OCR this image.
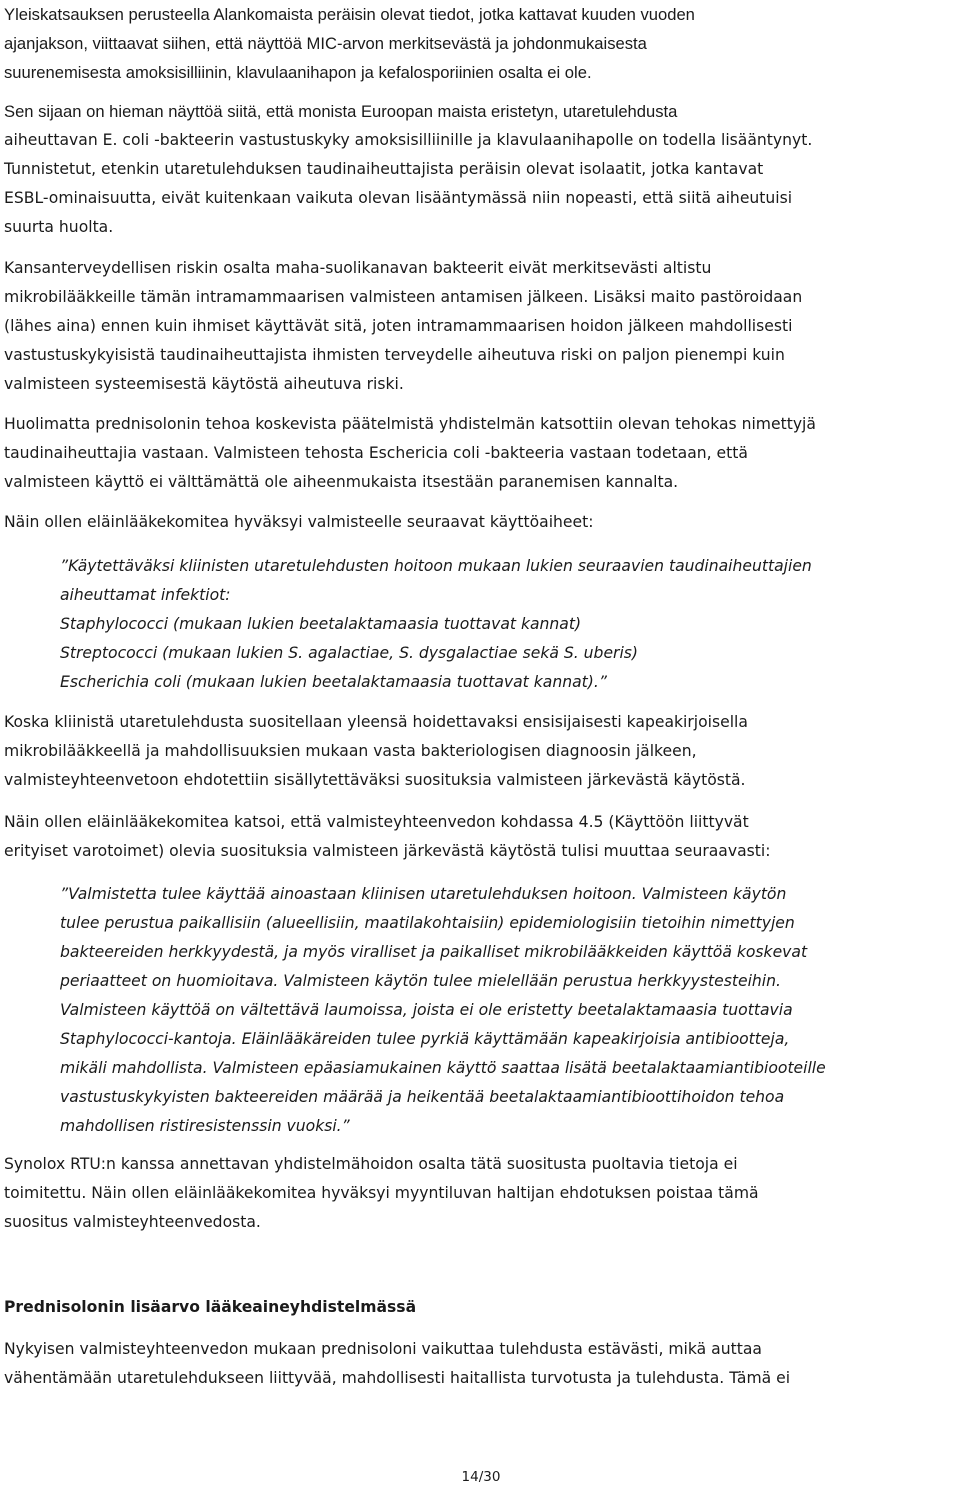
Yleiskatsauksen perusteella Alankomaista peräisin olevat tiedot, jotka kattavat kuuden vuoden
ajanjakson, viittaavat siihen, että näyttöä MIC-arvon merkitsevästä ja johdonmukaisesta
suurenemisesta amoksisilliinin, klavulaanihapon ja kefalosporiinien osalta ei ole.
Sen sijaan on hieman näyttöä siitä, että monista Euroopan maista eristetyn, utaretulehdusta
aiheuttavan E. coli -bakteerin vastustuskyky amoksisilliinille ja klavulaanihapolle on todella lisääntynyt.
Tunnistetut, etenkin utaretulehduksen taudinaiheuttajista peräisin olevat isolaatit, jotka kantavat
ESBL-ominaisuutta, eivät kuitenkaan vaikuta olevan lisääntymässä niin nopeasti, että siitä aiheutuisi
suurta huolta.
Kansanterveydellisen riskin osalta maha-suolikanavan bakteerit eivät merkitsevästi altistu
mikrobilääkkeille tämän intramammaarisen valmisteen antamisen jälkeen. Lisäksi maito pastöroidaan
(lähes aina) ennen kuin ihmiset käyttävät sitä, joten intramammaarisen hoidon jälkeen mahdollisesti
vastustuskykyisistä taudinaiheuttajista ihmisten terveydelle aiheutuva riski on paljon pienempi kuin
valmisteen systeemisestä käytöstä aiheutuva riski.
Huolimatta prednisolonin tehoa koskevista päätelmistä yhdistelmän katsottiin olevan tehokas nimettyjä
taudinaiheuttajia vastaan. Valmisteen tehosta Eschericia coli -bakteeria vastaan todetaan, että
valmisteen käyttö ei välttämättä ole aiheenmukaista itsestään paranemisen kannalta.
Näin ollen eläinlääkekomitea hyväksyi valmisteelle seuraavat käyttöaiheet:
”Käytettäväksi kliinisten utaretulehdusten hoitoon mukaan lukien seuraavien taudinaiheuttajien
aiheuttamat infektiot:
Staphylococci (mukaan lukien beetalaktamaasia tuottavat kannat)
Streptococci (mukaan lukien S. agalactiae, S. dysgalactiae sekä S. uberis)
Escherichia coli (mukaan lukien beetalaktamaasia tuottavat kannat).”
Koska kliinistä utaretulehdusta suositellaan yleensä hoidettavaksi ensisijaisesti kapeakirjoisella
mikrobilääkkeellä ja mahdollisuuksien mukaan vasta bakteriologisen diagnoosin jälkeen,
valmisteyhteenvetoon ehdotettiin sisällytettäväksi suosituksia valmisteen järkevästä käytöstä.
Näin ollen eläinlääkekomitea katsoi, että valmisteyhteenvedon kohdassa 4.5 (Käyttöön liittyvät
erityiset varotoimet) olevia suosituksia valmisteen järkevästä käytöstä tulisi muuttaa seuraavasti:
”Valmistetta tulee käyttää ainoastaan kliinisen utaretulehduksen hoitoon. Valmisteen käytön
tulee perustua paikallisiin (alueellisiin, maatilakohtaisiin) epidemiologisiin tietoihin nimettyjen
bakteereiden herkkyydestä, ja myös viralliset ja paikalliset mikrobilääkkeiden käyttöä koskevat
periaatteet on huomioitava. Valmisteen käytön tulee mielellään perustua herkkyystesteihin.
Valmisteen käyttöä on vältettävä laumoissa, joista ei ole eristetty beetalaktamaasia tuottavia
Staphylococci-kantoja. Eläinlääkäreiden tulee pyrkiä käyttämään kapeakirjoisia antibiootteja,
mikäli mahdollista. Valmisteen epäasiamukainen käyttö saattaa lisätä beetalaktaamiantibiooteille
vastustuskykyisten bakteereiden määrää ja heikentää beetalaktaamiantibioottihoidon tehoa
mahdollisen ristiresistenssin vuoksi.”
Synolox RTU:n kanssa annettavan yhdistelmähoidon osalta tätä suositusta puoltavia tietoja ei
toimitettu. Näin ollen eläinlääkekomitea hyväksyi myyntiluvan haltijan ehdotuksen poistaa tämä
suositus valmisteyhteenvedosta.
Prednisolonin lisäarvo lääkeaineyhdistelmässä
Nykyisen valmisteyhteenvedon mukaan prednisoloni vaikuttaa tulehdusta estävästi, mikä auttaa
vähentämään utaretulehdukseen liittyvää, mahdollisesti haitallista turvotusta ja tulehdusta. Tämä ei
14/30
